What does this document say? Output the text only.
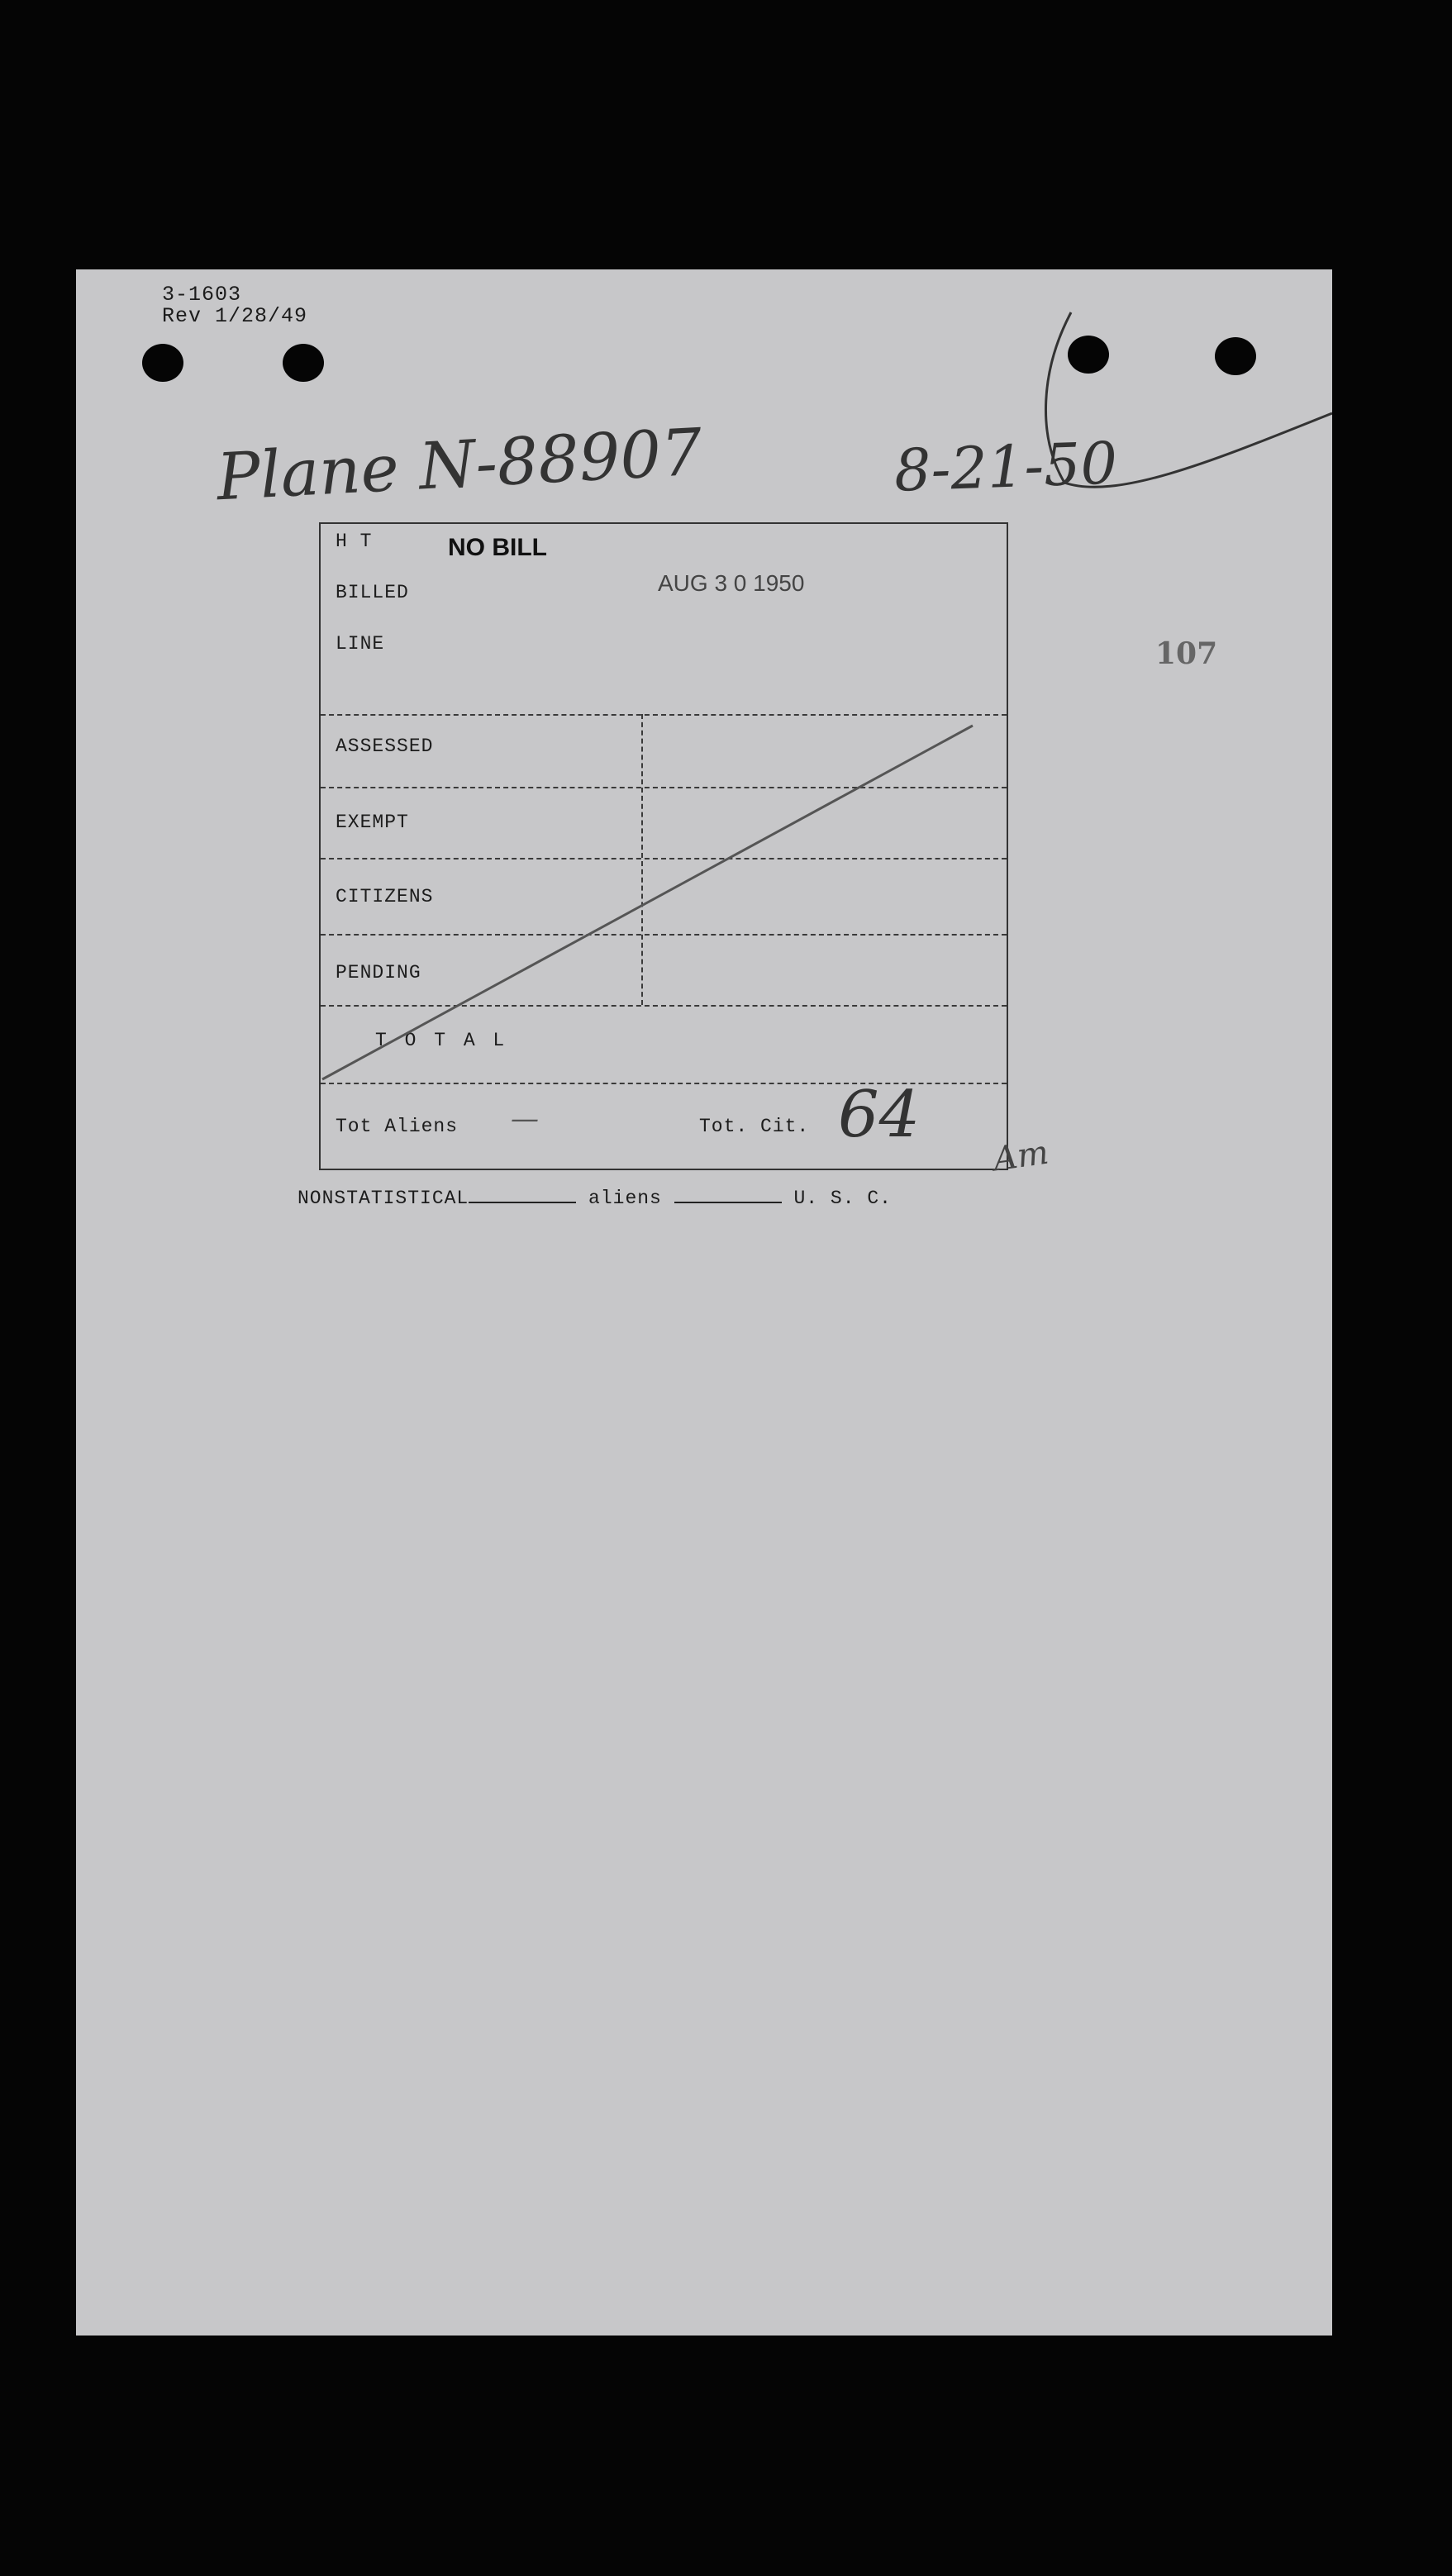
3-1603
Rev 1/28/49
Plane N-88907	8-21-50
107
H T
BILLED
LINE
NO BILL
AUG 3 0 1950
ASSESSED
EXEMPT
CITIZENS
PENDING
T O T A L
Tot Aliens —	Tot. Cit. 64
Am
NONSTATISTICAL	aliens	U. S. C.
